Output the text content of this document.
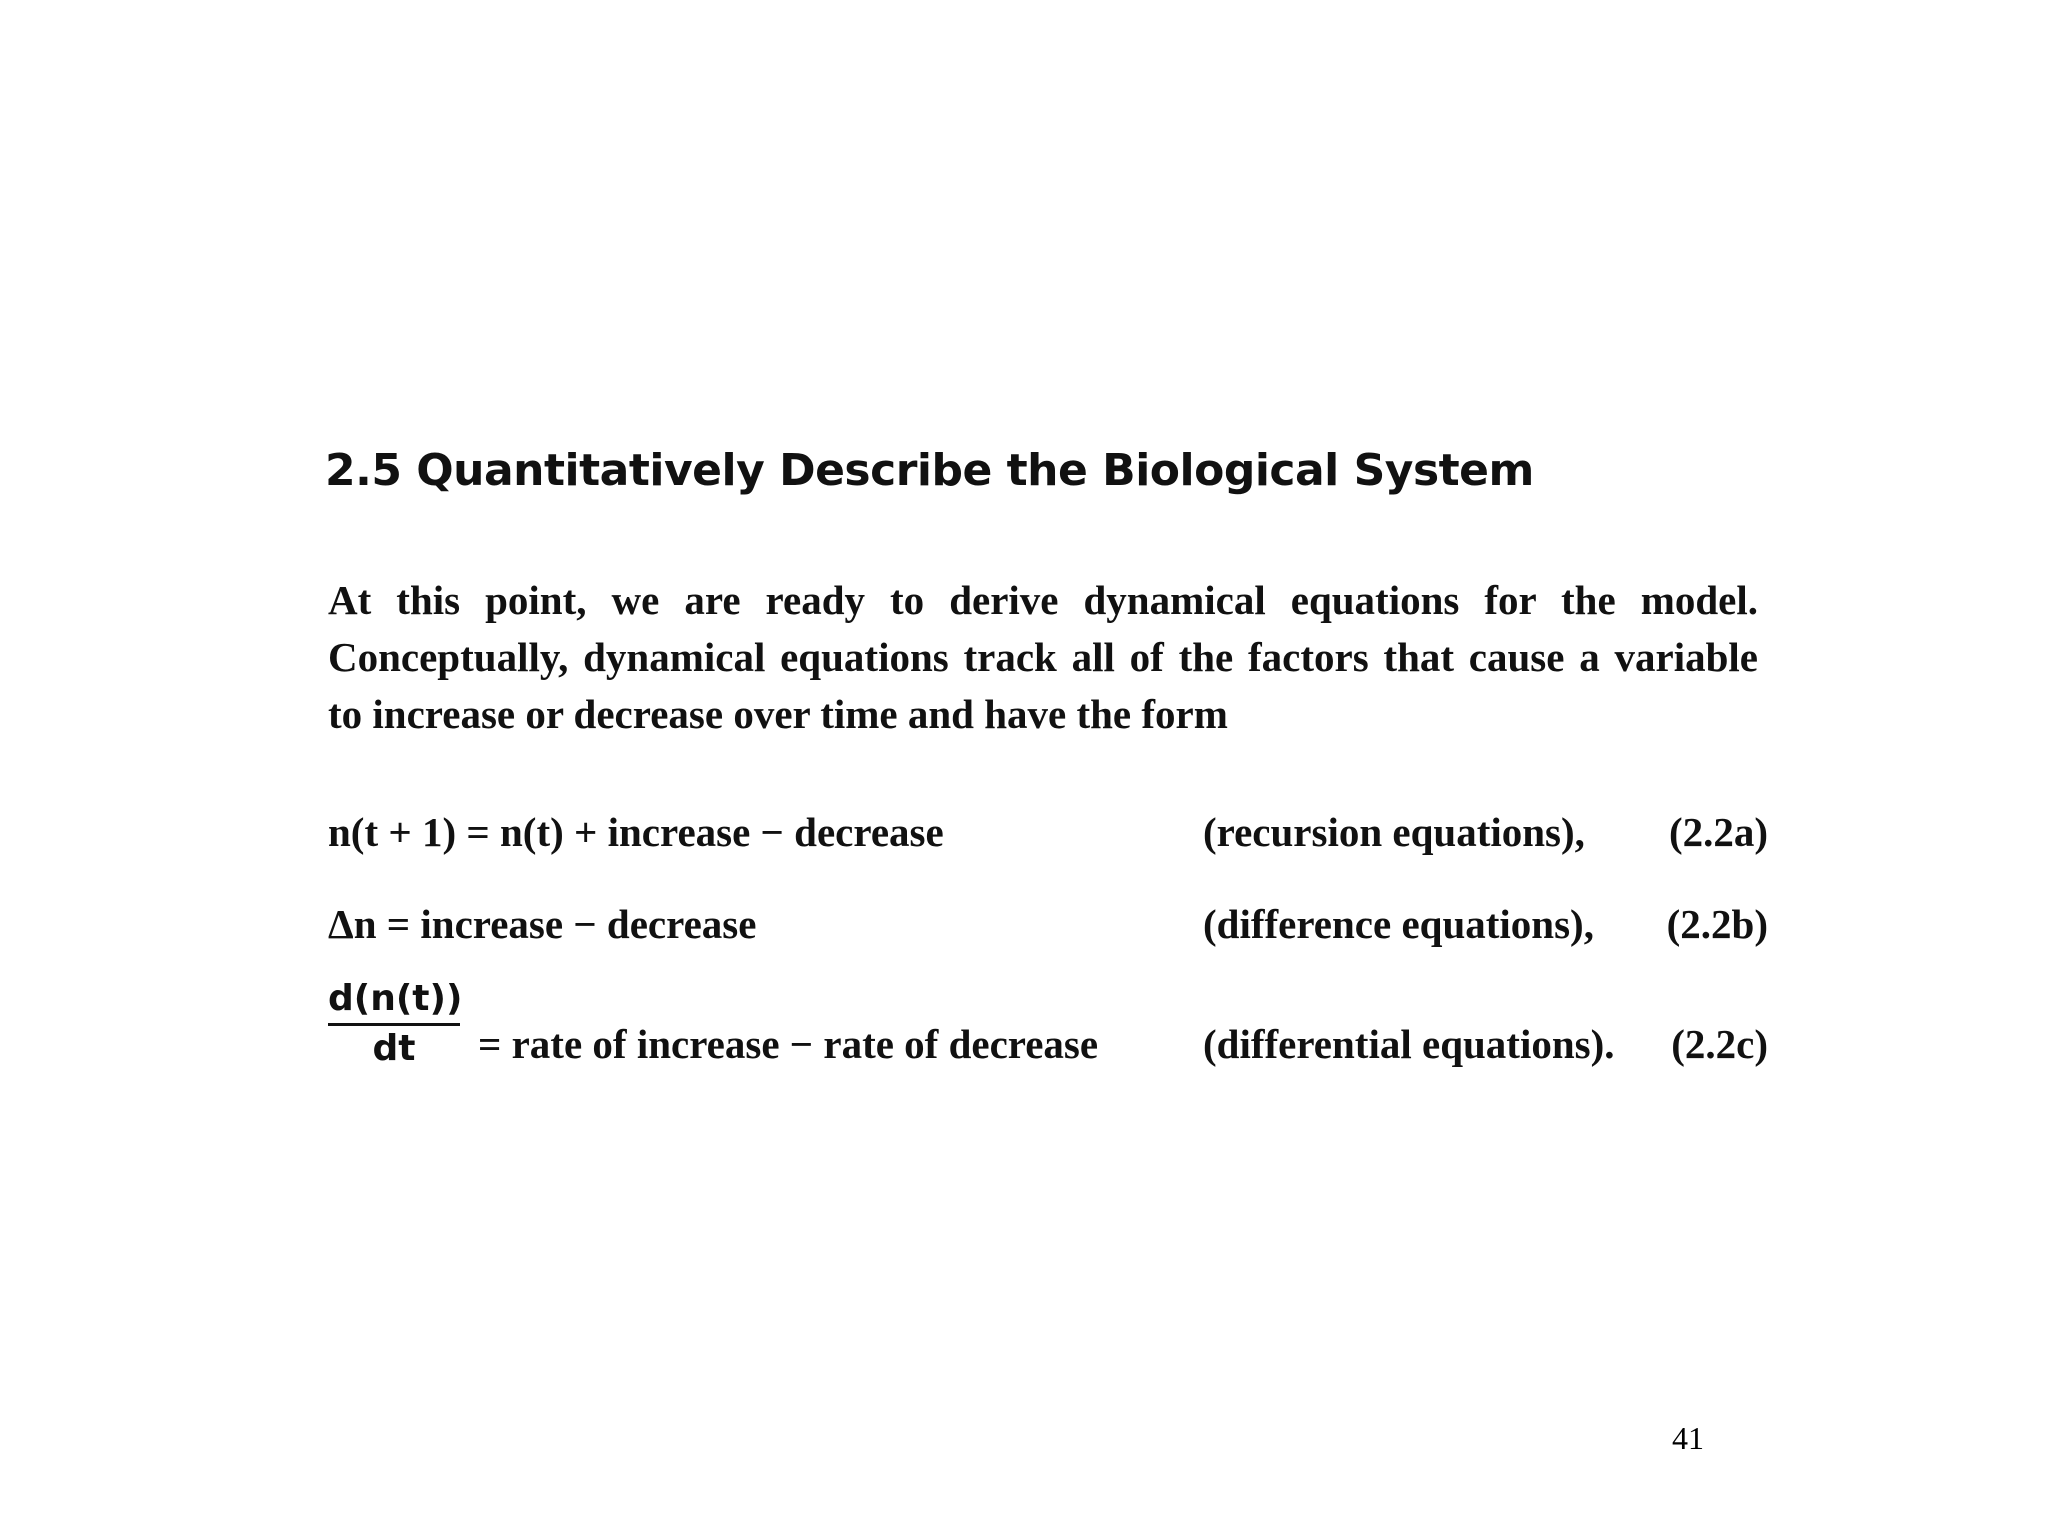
2.5 Quantitatively Describe the Biological System
At this point, we are ready to derive dynamical equations for the model.
Conceptually, dynamical equations track all of the factors that cause a variable
to increase or decrease over time and have the form
n(t + 1) = n(t) + increase − decrease	(recursion equations), (2.2a)
Δn = increase − decrease	(difference equations), (2.2b)
d(n(t))
dt	= rate of increase − rate of decrease	(differential equations). (2.2c)
41
